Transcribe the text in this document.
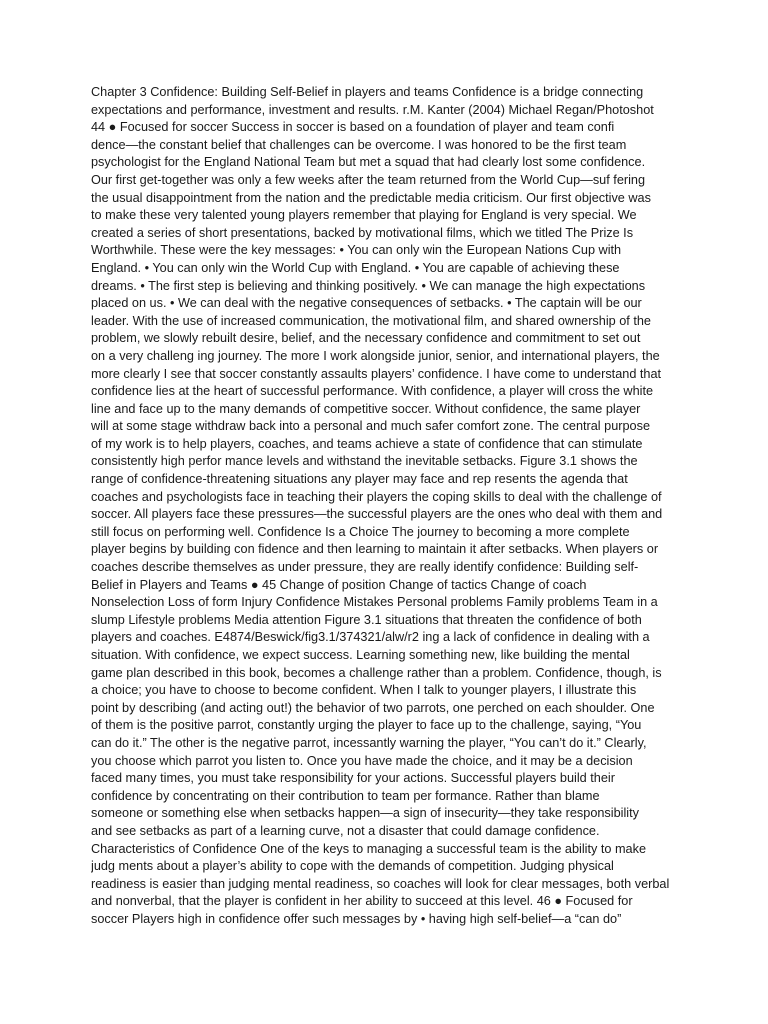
Chapter 3 Confidence: Building Self-Belief in players and teams Confidence is a bridge connecting
expectations and performance, investment and results. r.M. Kanter (2004) Michael Regan/Photoshot
44 ● Focused for soccer Success in soccer is based on a foundation of player and team confi
dence—the constant belief that challenges can be overcome. I was honored to be the first team
psychologist for the England National Team but met a squad that had clearly lost some confidence.
Our first get-together was only a few weeks after the team returned from the World Cup—suf fering
the usual disappointment from the nation and the predictable media criticism. Our first objective was
to make these very talented young players remember that playing for England is very special. We
created a series of short presentations, backed by motivational films, which we titled The Prize Is
Worthwhile. These were the key messages: • You can only win the European Nations Cup with
England. • You can only win the World Cup with England. • You are capable of achieving these
dreams. • The first step is believing and thinking positively. • We can manage the high expectations
placed on us. • We can deal with the negative consequences of setbacks. • The captain will be our
leader. With the use of increased communication, the motivational film, and shared ownership of the
problem, we slowly rebuilt desire, belief, and the necessary confidence and commitment to set out
on a very challeng ing journey. The more I work alongside junior, senior, and international players, the
more clearly I see that soccer constantly assaults players’ confidence. I have come to understand that
confidence lies at the heart of successful performance. With confidence, a player will cross the white
line and face up to the many demands of competitive soccer. Without confidence, the same player
will at some stage withdraw back into a personal and much safer comfort zone. The central purpose
of my work is to help players, coaches, and teams achieve a state of confidence that can stimulate
consistently high perfor mance levels and withstand the inevitable setbacks. Figure 3.1 shows the
range of confidence-threatening situations any player may face and rep resents the agenda that
coaches and psychologists face in teaching their players the coping skills to deal with the challenge of
soccer. All players face these pressures—the successful players are the ones who deal with them and
still focus on performing well. Confidence Is a Choice The journey to becoming a more complete
player begins by building con fidence and then learning to maintain it after setbacks. When players or
coaches describe themselves as under pressure, they are really identify confidence: Building self-
Belief in Players and Teams ● 45 Change of position Change of tactics Change of coach
Nonselection Loss of form Injury Confidence Mistakes Personal problems Family problems Team in a
slump Lifestyle problems Media attention Figure 3.1 situations that threaten the confidence of both
players and coaches. E4874/Beswick/fig3.1/374321/alw/r2 ing a lack of confidence in dealing with a
situation. With confidence, we expect success. Learning something new, like building the mental
game plan described in this book, becomes a challenge rather than a problem. Confidence, though, is
a choice; you have to choose to become confident. When I talk to younger players, I illustrate this
point by describing (and acting out!) the behavior of two parrots, one perched on each shoulder. One
of them is the positive parrot, constantly urging the player to face up to the challenge, saying, “You
can do it.” The other is the negative parrot, incessantly warning the player, “You can’t do it.” Clearly,
you choose which parrot you listen to. Once you have made the choice, and it may be a decision
faced many times, you must take responsibility for your actions. Successful players build their
confidence by concentrating on their contribution to team per formance. Rather than blame
someone or something else when setbacks happen—a sign of insecurity—they take responsibility
and see setbacks as part of a learning curve, not a disaster that could damage confidence.
Characteristics of Confidence One of the keys to managing a successful team is the ability to make
judg ments about a player’s ability to cope with the demands of competition. Judging physical
readiness is easier than judging mental readiness, so coaches will look for clear messages, both verbal
and nonverbal, that the player is confident in her ability to succeed at this level. 46 ● Focused for
soccer Players high in confidence offer such messages by • having high self-belief—a “can do”
